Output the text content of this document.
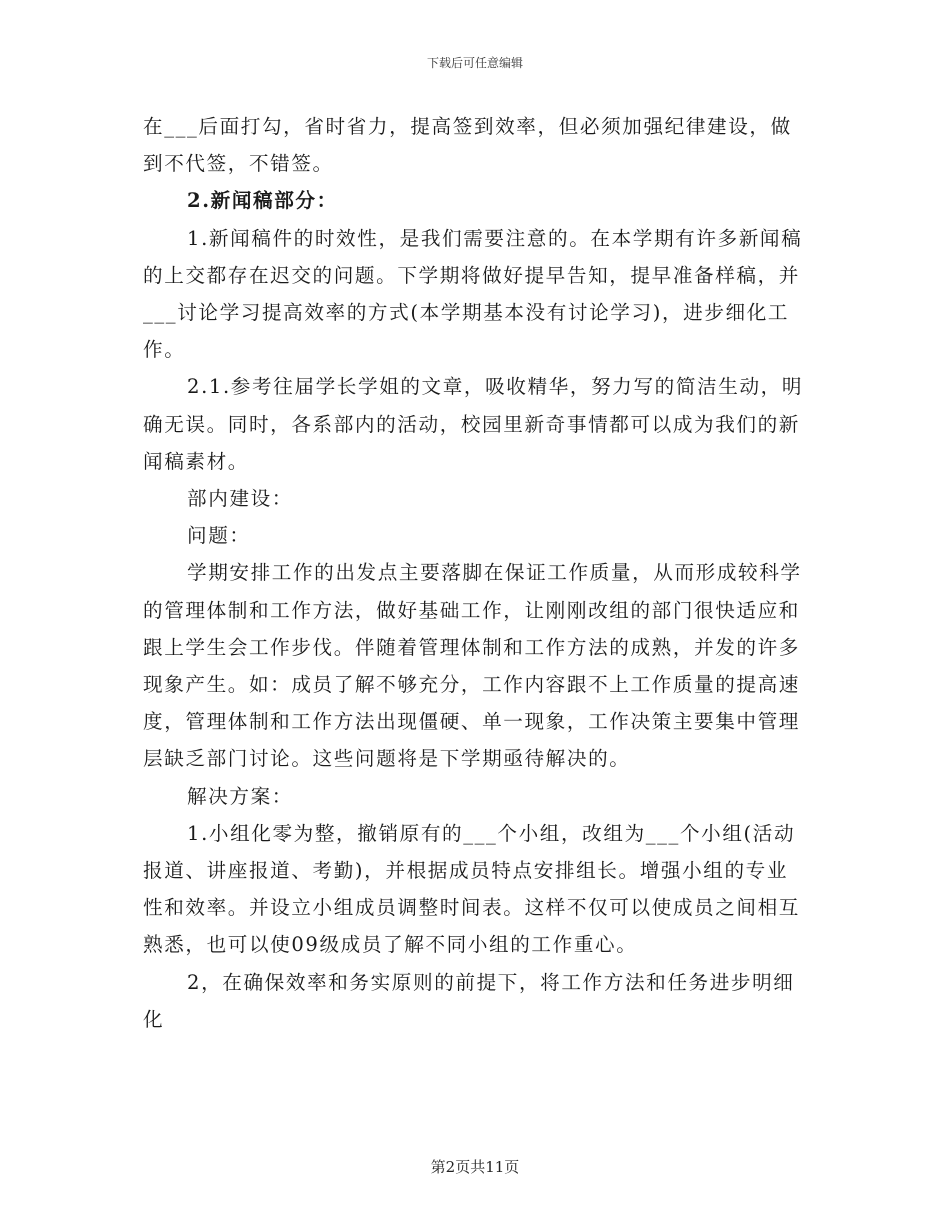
下载后可任意编辑

在___后面打勾，省时省力，提高签到效率，但必须加强纪律建设，做到不代签，不错签。

2.新闻稿部分：

1.新闻稿件的时效性，是我们需要注意的。在本学期有许多新闻稿的上交都存在迟交的问题。下学期将做好提早告知，提早准备样稿，并___讨论学习提高效率的方式(本学期基本没有讨论学习)，进步细化工作。

2.1.参考往届学长学姐的文章，吸收精华，努力写的简洁生动，明确无误。同时，各系部内的活动，校园里新奇事情都可以成为我们的新闻稿素材。

部内建设：

问题：

学期安排工作的出发点主要落脚在保证工作质量，从而形成较科学的管理体制和工作方法，做好基础工作，让刚刚改组的部门很快适应和跟上学生会工作步伐。伴随着管理体制和工作方法的成熟，并发的许多现象产生。如：成员了解不够充分，工作内容跟不上工作质量的提高速度，管理体制和工作方法出现僵硬、单一现象，工作决策主要集中管理层缺乏部门讨论。这些问题将是下学期亟待解决的。

解决方案：

1.小组化零为整，撤销原有的___个小组，改组为___个小组(活动报道、讲座报道、考勤)，并根据成员特点安排组长。增强小组的专业性和效率。并设立小组成员调整时间表。这样不仅可以使成员之间相互熟悉，也可以使09级成员了解不同小组的工作重心。

2，在确保效率和务实原则的前提下，将工作方法和任务进步明细化

第2页共11页
